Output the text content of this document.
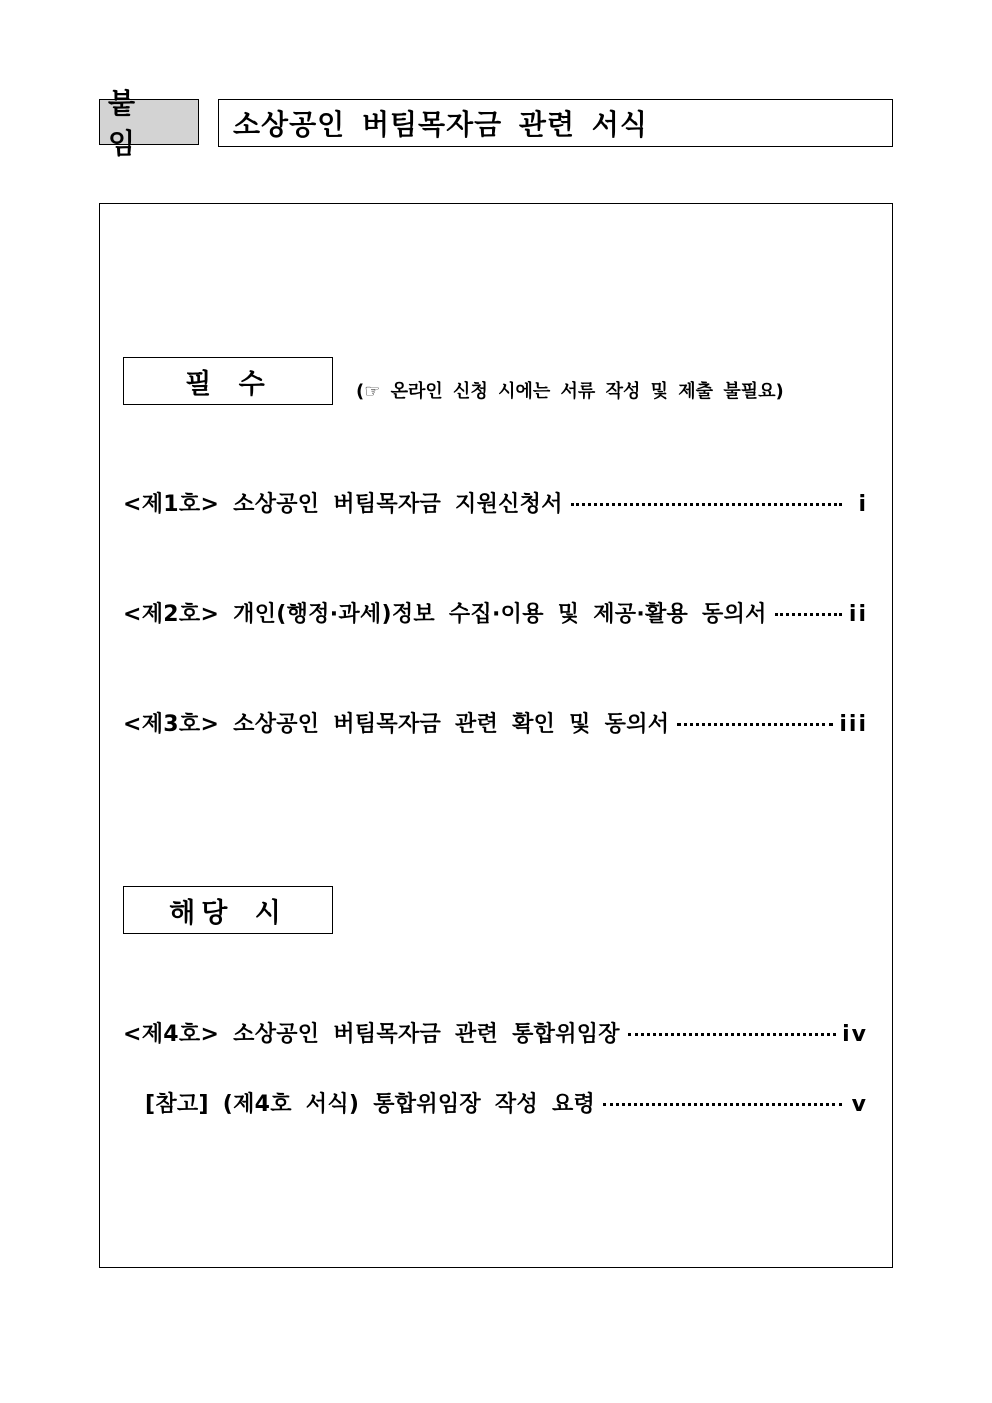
붙 임
소상공인 버팀목자금 관련 서식
필 수	(☞ 온라인 신청 시에는 서류 작성 및 제출 불필요)
<제1호> 소상공인 버팀목자금 지원신청서	i
<제2호> 개인(행정·과세)정보 수집·이용 및 제공·활용 동의서	ii
<제3호> 소상공인 버팀목자금 관련 확인 및 동의서	iii
해당 시
<제4호> 소상공인 버팀목자금 관련 통합위임장	iv
[참고] (제4호 서식) 통합위임장 작성 요령	v
